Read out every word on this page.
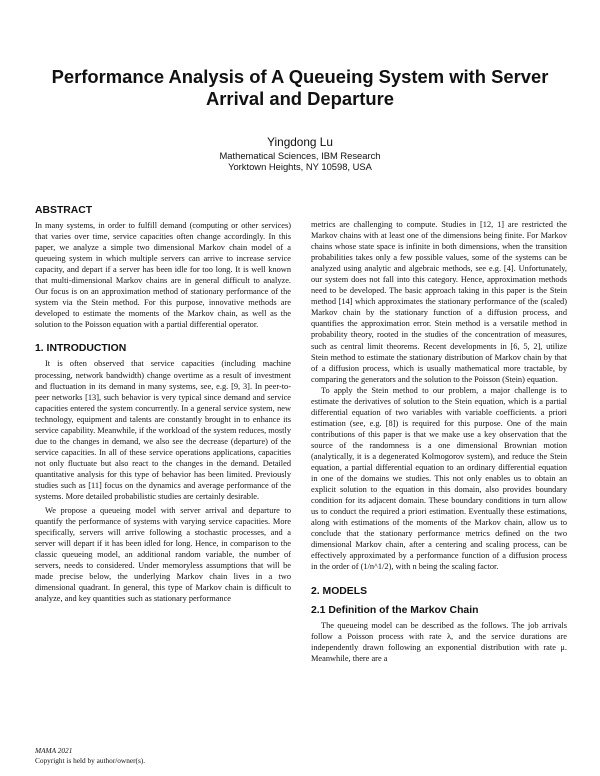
Performance Analysis of A Queueing System with Server Arrival and Departure
Yingdong Lu
Mathematical Sciences, IBM Research
Yorktown Heights, NY 10598, USA
ABSTRACT

In many systems, in order to fulfill demand (computing or other services) that varies over time, service capacities often change accordingly. In this paper, we analyze a simple two dimensional Markov chain model of a queueing system in which multiple servers can arrive to increase service capacity, and depart if a server has been idle for too long. It is well known that multi-dimensional Markov chains are in general difficult to analyze. Our focus is on an approximation method of stationary performance of the system via the Stein method. For this purpose, innovative methods are developed to estimate the moments of the Markov chain, as well as the solution to the Poisson equation with a partial differential operator.

1. INTRODUCTION

It is often observed that service capacities (including machine processing, network bandwidth) change overtime as a result of investment and fluctuation in its demand in many systems, see, e.g. [9, 3]. In peer-to-peer networks [13], such behavior is very typical since demand and service capacities entered the system concurrently. In a general service system, new technology, equipment and talents are constantly brought in to enhance its service capability. Meanwhile, if the workload of the system reduces, mostly due to the changes in demand, we also see the decrease (departure) of the service capacities. In all of these service operations applications, capacities not only fluctuate but also react to the changes in the demand. Detailed quantitative analysis for this type of behavior has been limited. Previously studies such as [11] focus on the dynamics and average performance of the systems. More detailed probabilistic studies are certainly desirable.

We propose a queueing model with server arrival and departure to quantify the performance of systems with varying service capacities. More specifically, servers will arrive following a stochastic processes, and a server will depart if it has been idled for long. Hence, in comparison to the classic queueing model, an additional random variable, the number of servers, needs to considered. Under memoryless assumptions that will be made precise below, the underlying Markov chain lives in a two dimensional quadrant. In general, this type of Markov chain is difficult to analyze, and key quantities such as stationary performance

metrics are challenging to compute. Studies in [12, 1] are restricted the Markov chains with at least one of the dimensions being finite. For Markov chains whose state space is infinite in both dimensions, when the transition probabilities takes only a few possible values, some of the systems can be analyzed using analytic and algebraic methods, see e.g. [4]. Unfortunately, our system does not fall into this category. Hence, approximation methods need to be developed. The basic approach taking in this paper is the Stein method [14] which approximates the stationary performance of the (scaled) Markov chain by the stationary function of a diffusion process, and quantifies the approximation error. Stein method is a versatile method in probability theory, rooted in the studies of the concentration of measures, such as central limit theorems. Recent developments in [6, 5, 2], utilize Stein method to estimate the stationary distribution of Markov chain by that of a diffusion process, which is usually mathematical more tractable, by comparing the generators and the solution to the Poisson (Stein) equation.

To apply the Stein method to our problem, a major challenge is to estimate the derivatives of solution to the Stein equation, which is a partial differential equation of two variables with variable coefficients. a priori estimation (see, e.g. [8]) is required for this purpose. One of the main contributions of this paper is that we make use a key observation that the source of the randomness is a one dimensional Brownian motion (analytically, it is a degenerated Kolmogorov system), and reduce the Stein equation, a partial differential equation to an ordinary differential equation in one of the domains we studies. This not only enables us to obtain an explicit solution to the equation in this domain, also provides boundary condition for its adjacent domain. These boundary conditions in turn allow us to conduct the required a priori estimation. Eventually these estimations, along with estimations of the moments of the Markov chain, allow us to conclude that the stationary performance metrics defined on the two dimensional Markov chain, after a centering and scaling process, can be effectively approximated by a performance function of a diffusion process in the order of (1/n^1/2), with n being the scaling factor.

2. MODELS
2.1 Definition of the Markov Chain

The queueing model can be described as the follows. The job arrivals follow a Poisson process with rate λ, and the service durations are independently drawn following an exponential distribution with rate μ. Meanwhile, there are a

MAMA 2021
Copyright is held by author/owner(s).
